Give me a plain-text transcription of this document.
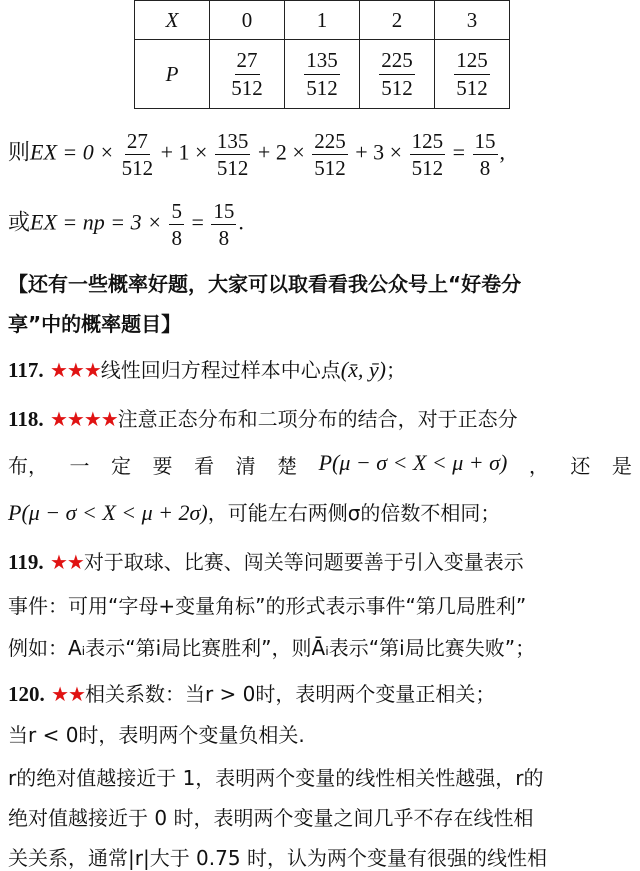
X	0	1	2	3
P	$\frac{27}{512}$	$\frac{135}{512}$	$\frac{225}{512}$	$\frac{125}{512}$
则EX = $0 \times \frac{27}{512} + 1 \times \frac{135}{512} + 2 \times \frac{225}{512} + 3 \times \frac{125}{512} = \frac{15}{8}$ ,
或EX = np = $3 \times \frac{5}{8} = \frac{15}{8}$ .
【还有一些概率好题，大家可以取看看我公众号上“好卷分
享”中的概率题目】
117. ★★★线性回归方程过样本中心点(x̄, ȳ)；
118. ★★★★注意正态分布和二项分布的结合，对于正态分
布， 一 定 要 看 清 楚 P(μ − σ < X < μ + σ) ， 还 是
P(μ − σ < X < μ + 2σ)，可能左右两侧σ的倍数不相同；
119. ★★对于取球、比赛、闯关等问题要善于引入变量表示
事件：可用“字母+变量角标”的形式表示事件“第几局胜利”
例如：Aᵢ表示“第i局比赛胜利”，则Āᵢ表示“第i局比赛失败”；
120. ★★相关系数：当r > 0时，表明两个变量正相关；
当r < 0时，表明两个变量负相关.
r的绝对值越接近于 1，表明两个变量的线性相关性越强，r的
绝对值越接近于 0 时，表明两个变量之间几乎不存在线性相
关关系，通常|r|大于 0.75 时，认为两个变量有很强的线性相
